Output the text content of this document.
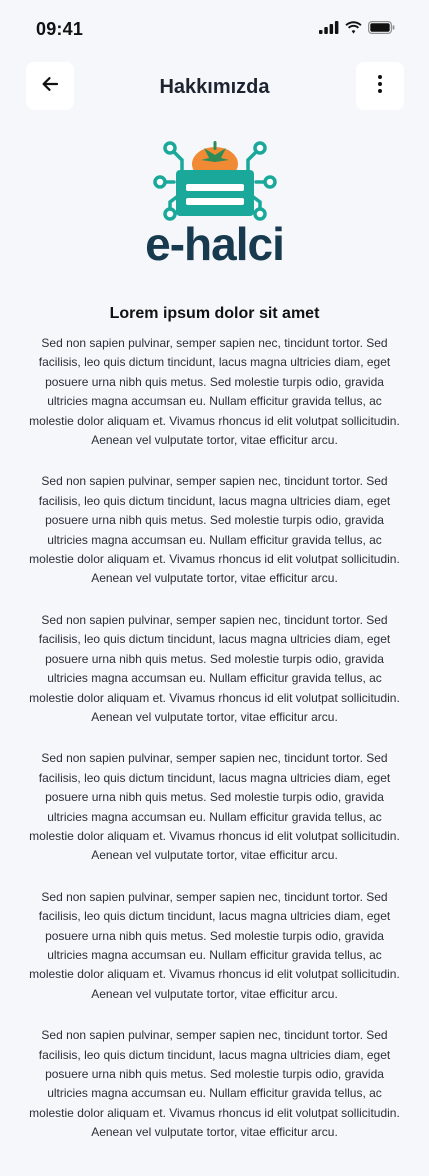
09:41
Hakkımızda
e-halci
Lorem ipsum dolor sit amet

Sed non sapien pulvinar, semper sapien nec, tincidunt tortor. Sed facilisis, leo quis dictum tincidunt, lacus magna ultricies diam, eget posuere urna nibh quis metus. Sed molestie turpis odio, gravida ultricies magna accumsan eu. Nullam efficitur gravida tellus, ac molestie dolor aliquam et. Vivamus rhoncus id elit volutpat sollicitudin. Aenean vel vulputate tortor, vitae efficitur arcu.

Sed non sapien pulvinar, semper sapien nec, tincidunt tortor. Sed facilisis, leo quis dictum tincidunt, lacus magna ultricies diam, eget posuere urna nibh quis metus. Sed molestie turpis odio, gravida ultricies magna accumsan eu. Nullam efficitur gravida tellus, ac molestie dolor aliquam et. Vivamus rhoncus id elit volutpat sollicitudin. Aenean vel vulputate tortor, vitae efficitur arcu.

Sed non sapien pulvinar, semper sapien nec, tincidunt tortor. Sed facilisis, leo quis dictum tincidunt, lacus magna ultricies diam, eget posuere urna nibh quis metus. Sed molestie turpis odio, gravida ultricies magna accumsan eu. Nullam efficitur gravida tellus, ac molestie dolor aliquam et. Vivamus rhoncus id elit volutpat sollicitudin. Aenean vel vulputate tortor, vitae efficitur arcu.

Sed non sapien pulvinar, semper sapien nec, tincidunt tortor. Sed facilisis, leo quis dictum tincidunt, lacus magna ultricies diam, eget posuere urna nibh quis metus. Sed molestie turpis odio, gravida ultricies magna accumsan eu. Nullam efficitur gravida tellus, ac molestie dolor aliquam et. Vivamus rhoncus id elit volutpat sollicitudin. Aenean vel vulputate tortor, vitae efficitur arcu.

Sed non sapien pulvinar, semper sapien nec, tincidunt tortor. Sed facilisis, leo quis dictum tincidunt, lacus magna ultricies diam, eget posuere urna nibh quis metus. Sed molestie turpis odio, gravida ultricies magna accumsan eu. Nullam efficitur gravida tellus, ac molestie dolor aliquam et. Vivamus rhoncus id elit volutpat sollicitudin. Aenean vel vulputate tortor, vitae efficitur arcu.

Sed non sapien pulvinar, semper sapien nec, tincidunt tortor. Sed facilisis, leo quis dictum tincidunt, lacus magna ultricies diam, eget posuere urna nibh quis metus. Sed molestie turpis odio, gravida ultricies magna accumsan eu. Nullam efficitur gravida tellus, ac molestie dolor aliquam et. Vivamus rhoncus id elit volutpat sollicitudin. Aenean vel vulputate tortor, vitae efficitur arcu.
